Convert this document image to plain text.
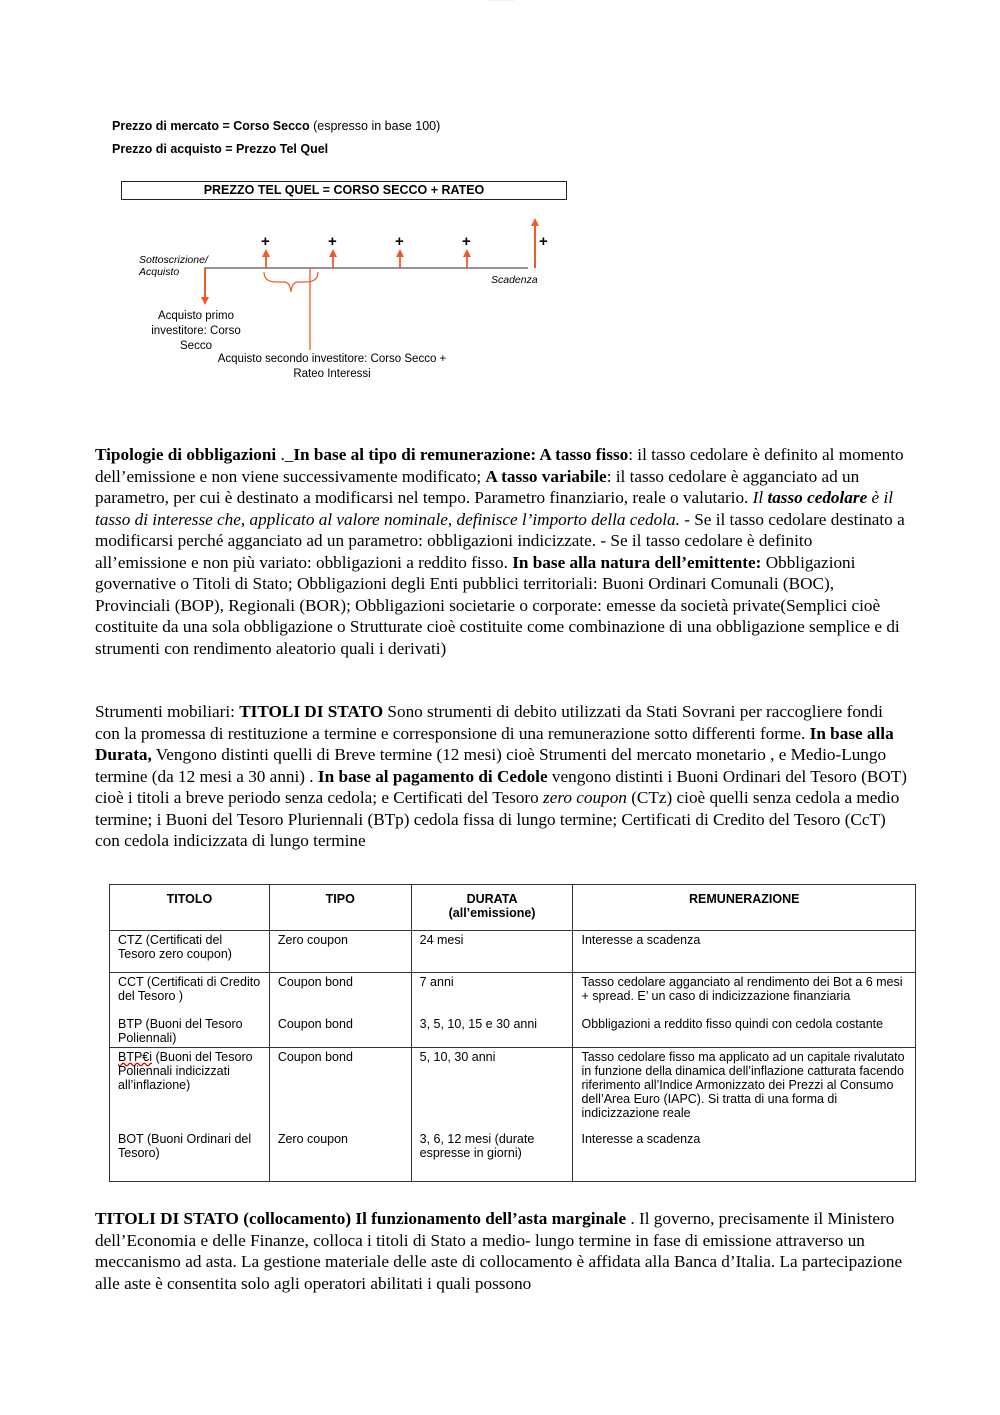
Prezzo di mercato = Corso Secco (espresso in base 100)
Prezzo di acquisto = Prezzo Tel Quel
PREZZO TEL QUEL = CORSO SECCO + RATEO
+	+	+	+	+
Sottoscrizione/ Acquisto
Scadenza
Acquisto primo investitore: Corso Secco
Acquisto secondo investitore: Corso Secco + Rateo Interessi
Tipologie di obbligazioni ._In base al tipo di remunerazione: A tasso fisso: il tasso cedolare è definito al momento dell’emissione e non viene successivamente modificato; A tasso variabile: il tasso cedolare è agganciato ad un parametro, per cui è destinato a modificarsi nel tempo. Parametro finanziario, reale o valutario. Il tasso cedolare è il tasso di interesse che, applicato al valore nominale, definisce l’importo della cedola. - Se il tasso cedolare destinato a modificarsi perché agganciato ad un parametro: obbligazioni indicizzate. - Se il tasso cedolare è definito all’emissione e non più variato: obbligazioni a reddito fisso. In base alla natura dell’emittente: Obbligazioni governative o Titoli di Stato; Obbligazioni degli Enti pubblici territoriali: Buoni Ordinari Comunali (BOC), Provinciali (BOP), Regionali (BOR); Obbligazioni societarie o corporate: emesse da società private(Semplici cioè costituite da una sola obbligazione o Strutturate cioè costituite come combinazione di una obbligazione semplice e di strumenti con rendimento aleatorio quali i derivati)
Strumenti mobiliari: TITOLI DI STATO Sono strumenti di debito utilizzati da Stati Sovrani per raccogliere fondi con la promessa di restituzione a termine e corresponsione di una remunerazione sotto differenti forme. In base alla Durata, Vengono distinti quelli di Breve termine (12 mesi) cioè Strumenti del mercato monetario , e Medio-Lungo termine (da 12 mesi a 30 anni) . In base al pagamento di Cedole vengono distinti i Buoni Ordinari del Tesoro (BOT) cioè i titoli a breve periodo senza cedola; e Certificati del Tesoro zero coupon (CTz) cioè quelli senza cedola a medio termine; i Buoni del Tesoro Pluriennali (BTp) cedola fissa di lungo termine; Certificati di Credito del Tesoro (CcT) con cedola indicizzata di lungo termine
TITOLO	TIPO	DURATA
(all’emissione)	REMUNERAZIONE
CTZ (Certificati del Tesoro zero coupon)	Zero coupon	24 mesi	Interesse a scadenza
CCT (Certificati di Credito del Tesoro )	Coupon bond	7 anni	Tasso cedolare agganciato al rendimento dei Bot a 6 mesi + spread. E’ un caso di indicizzazione finanziaria
BTP (Buoni del Tesoro Poliennali)	Coupon bond	3, 5, 10, 15 e 30 anni	Obbligazioni a reddito fisso quindi con cedola costante
BTP€i (Buoni del Tesoro Poliennali indicizzati all’inflazione)	Coupon bond	5, 10, 30 anni	Tasso cedolare fisso ma applicato ad un capitale rivalutato in funzione della dinamica dell’inflazione catturata facendo riferimento all’Indice Armonizzato dei Prezzi al Consumo dell’Area Euro (IAPC). Si tratta di una forma di indicizzazione reale
BOT (Buoni Ordinari del Tesoro)	Zero coupon	3, 6, 12 mesi (durate espresse in giorni)	Interesse a scadenza
TITOLI DI STATO (collocamento) Il funzionamento dell’asta marginale . Il governo, precisamente il Ministero dell’Economia e delle Finanze, colloca i titoli di Stato a medio- lungo termine in fase di emissione attraverso un meccanismo ad asta. La gestione materiale delle aste di collocamento è affidata alla Banca d’Italia. La partecipazione alle aste è consentita solo agli operatori abilitati i quali possono
